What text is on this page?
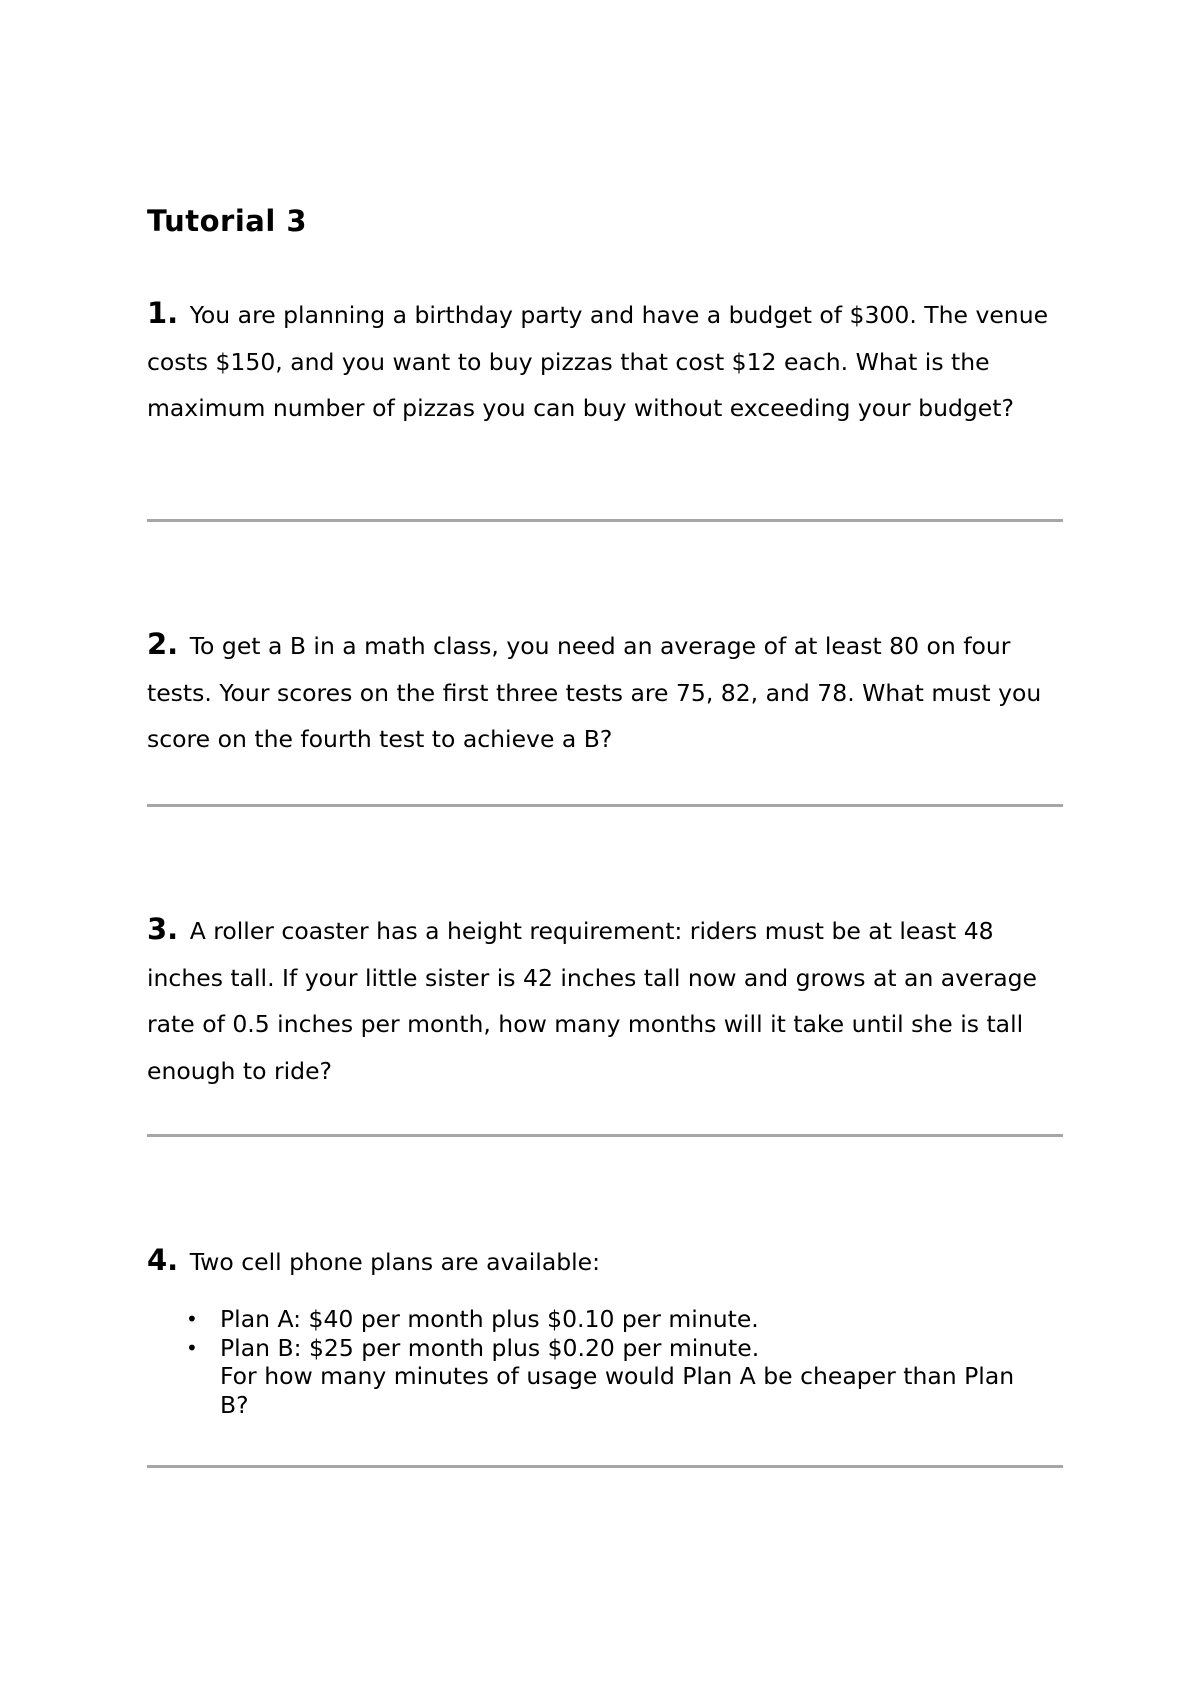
Tutorial 3

1. You are planning a birthday party and have a budget of $300. The venue costs $150, and you want to buy pizzas that cost $12 each. What is the maximum number of pizzas you can buy without exceeding your budget?

2. To get a B in a math class, you need an average of at least 80 on four tests. Your scores on the first three tests are 75, 82, and 78. What must you score on the fourth test to achieve a B?

3. A roller coaster has a height requirement: riders must be at least 48 inches tall. If your little sister is 42 inches tall now and grows at an average rate of 0.5 inches per month, how many months will it take until she is tall enough to ride?

4. Two cell phone plans are available:

• Plan A: $40 per month plus $0.10 per minute.
• Plan B: $25 per month plus $0.20 per minute.
For how many minutes of usage would Plan A be cheaper than Plan B?
